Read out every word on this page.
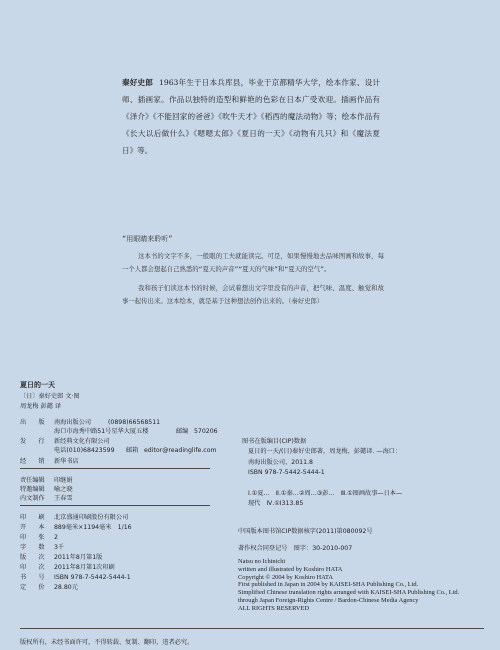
秦好史郎 1963年生于日本兵库县，毕业于京都精华大学，绘本作家、设计师、插画家。作品以独特的造型和鲜艳的色彩在日本广受欢迎。插画作品有《泽介》《不能回家的爸爸》《吹牛天才》《稻西的魔法动物》等；绘本作品有《长大以后做什么》《嗯嗯太郎》《夏日的一天》《动物有几只》和《魔法夏日》等。
“用眼睛来聆听”

这本书的文字不多，一般眼的工夫就能读完。可是，如果慢慢地去品味图画和故事，每一个人都会想起自己熟悉的“夏天的声音”“夏天的气味”和“夏天的空气”。

我和孩子们读这本书的时候，会试着想出文字里没有的声音，把气味、温度、触觉和故事一起传出来。这本绘本，就是基于这种想法创作出来的。（秦好史郎）

夏日的一天
〔日〕秦好史郎 文·图
周龙梅 彭懿 译
出　版 南海出版公司	(0898)66568511
海口市海秀中路51号星华大厦五楼	邮编 570206
发　行 新经典文化有限公司
电话(010)68423599 邮箱 editor@readinglife.com
经　销 新华书店
责任编辑 印继娟
特邀编辑 喻之晓
内文制作 王春雪
印　刷 北京盛通印刷股份有限公司
开　本 889毫米×1194毫米　1/16
印　张 2
字　数 3千
版　次 2011年8月第1版
印　次 2011年8月第1次印刷
书　号 ISBN 978-7-5442-5444-1
定　价 28.80元
图书在版编目(CIP)数据
夏日的一天/(日)秦好史郎著，周龙梅，彭懿译. —海口：
南海出版公司，2011.8
ISBN 978-7-5442-5444-1

Ⅰ.①夏…　Ⅱ.①秦…②周…③彭…　Ⅲ.①图画故事—日本—
现代　Ⅳ.①I313.85
中国版本图书馆CIP数据核字(2011)第080092号
著作权合同登记号　图字：30-2010-007
Natsu no Ichinichi
written and illustrated by Koshiro HATA
Copyright © 2004 by Koshiro HATA
First published in Japan in 2004 by KAISEI-SHA Publishing Co., Ltd.
Simplified Chinese translation rights arranged with KAISEI-SHA Publishing Co., Ltd.
through Japan Foreign-Rights Centre / Bardon-Chinese Media Agency
ALL RIGHTS RESERVED
版权所有，未经书面许可，不得转载、复制、翻印，违者必究。
